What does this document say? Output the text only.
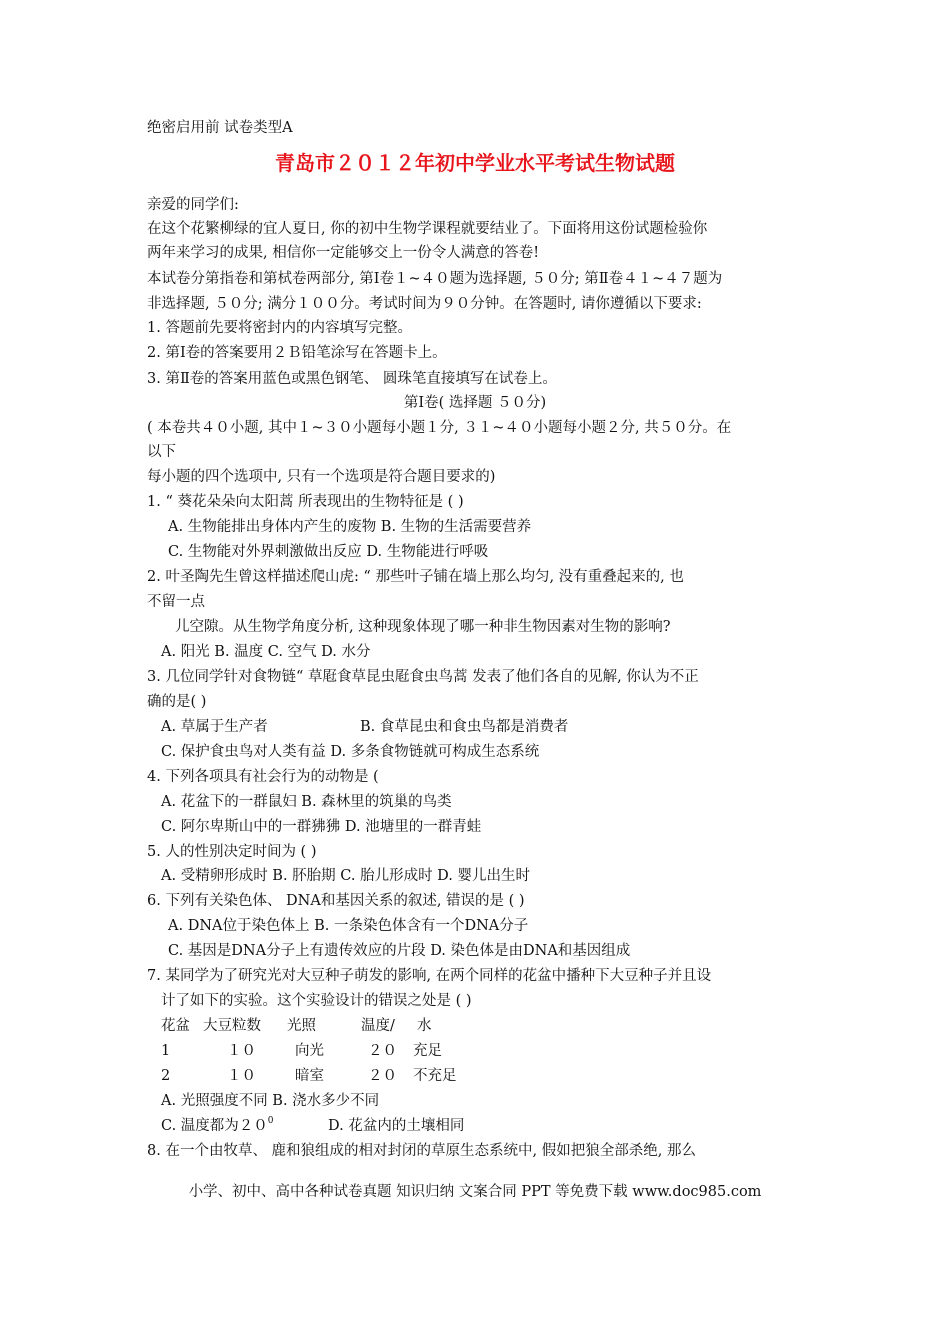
绝密启用前 试卷类型A
青岛市２０１２年初中学业水平考试生物试题
亲爱的同学们:
在这个花繁柳绿的宜人夏日, 你的初中生物学课程就要结业了。下面将用这份试题检验你
两年来学习的成果, 相信你一定能够交上一份令人满意的答卷!
本试卷分第指卷和第栻卷两部分, 第Ⅰ卷１~４０题为选择题, ５０分; 第Ⅱ卷４１~４７题为
非选择题, ５０分; 满分１００分。考试时间为９０分钟。在答题时, 请你遵循以下要求:
1. 答题前先要将密封内的内容填写完整。
2. 第Ⅰ卷的答案要用２Ｂ铅笔涂写在答题卡上。
3. 第Ⅱ卷的答案用蓝色或黑色钢笔、 圆珠笔直接填写在试卷上。
第Ⅰ卷( 选择题 ５０分)
( 本卷共４０小题, 其中１~３０小题每小题１分, ３１~４０小题每小题２分, 共５０分。在
以下
每小题的四个选项中, 只有一个选项是符合题目要求的)
1. “ 葵花朵朵向太阳蒿 所表现出的生物特征是 ( )
A. 生物能排出身体内产生的废物 B. 生物的生活需要营养
C. 生物能对外界刺激做出反应 D. 生物能进行呼吸
2. 叶圣陶先生曾这样描述爬山虎: “ 那些叶子铺在墙上那么均匀, 没有重叠起来的, 也
不留一点
儿空隙。从生物学角度分析, 这种现象体现了哪一种非生物因素对生物的影响?
A. 阳光 B. 温度 C. 空气 D. 水分
3. 几位同学针对食物链“ 草屘食草昆虫屘食虫鸟蒿 发表了他们各自的见解, 你认为不正
确的是( )
A. 草属于生产者	B. 食草昆虫和食虫鸟都是消费者
C. 保护食虫鸟对人类有益 D. 多条食物链就可构成生态系统
4. 下列各项具有社会行为的动物是 (
A. 花盆下的一群鼠妇 B. 森林里的筑巢的鸟类
C. 阿尔卑斯山中的一群狒狒 D. 池塘里的一群青蛙
5. 人的性别决定时间为 ( )
A. 受精卵形成时 B. 肧胎期 C. 胎儿形成时 D. 婴儿出生时
6. 下列有关染色体、 DNA和基因关系的叙述, 错误的是 ( )
A. DNA位于染色体上 B. 一条染色体含有一个DNA分子
C. 基因是DNA分子上有遗传效应的片段 D. 染色体是由DNA和基因组成
7. 某同学为了研究光对大豆种子萌发的影响, 在两个同样的花盆中播种下大豆种子并且设
计了如下的实验。这个实验设计的错误之处是 ( )
花盆 大豆粒数 光照	温度/ 水
1	１０	向光	２０ 充足
2	１０	暗室	２０ 不充足
A. 光照强度不同 B. 浇水多少不同
C. 温度都为$20^0$	D. 花盆内的土壤相同
8. 在一个由牧草、 鹿和狼组成的相对封闭的草原生态系统中, 假如把狼全部杀绝, 那么
小学、初中、高中各种试卷真题 知识归纳 文案合同 PPT 等免费下载 www.doc985.com
